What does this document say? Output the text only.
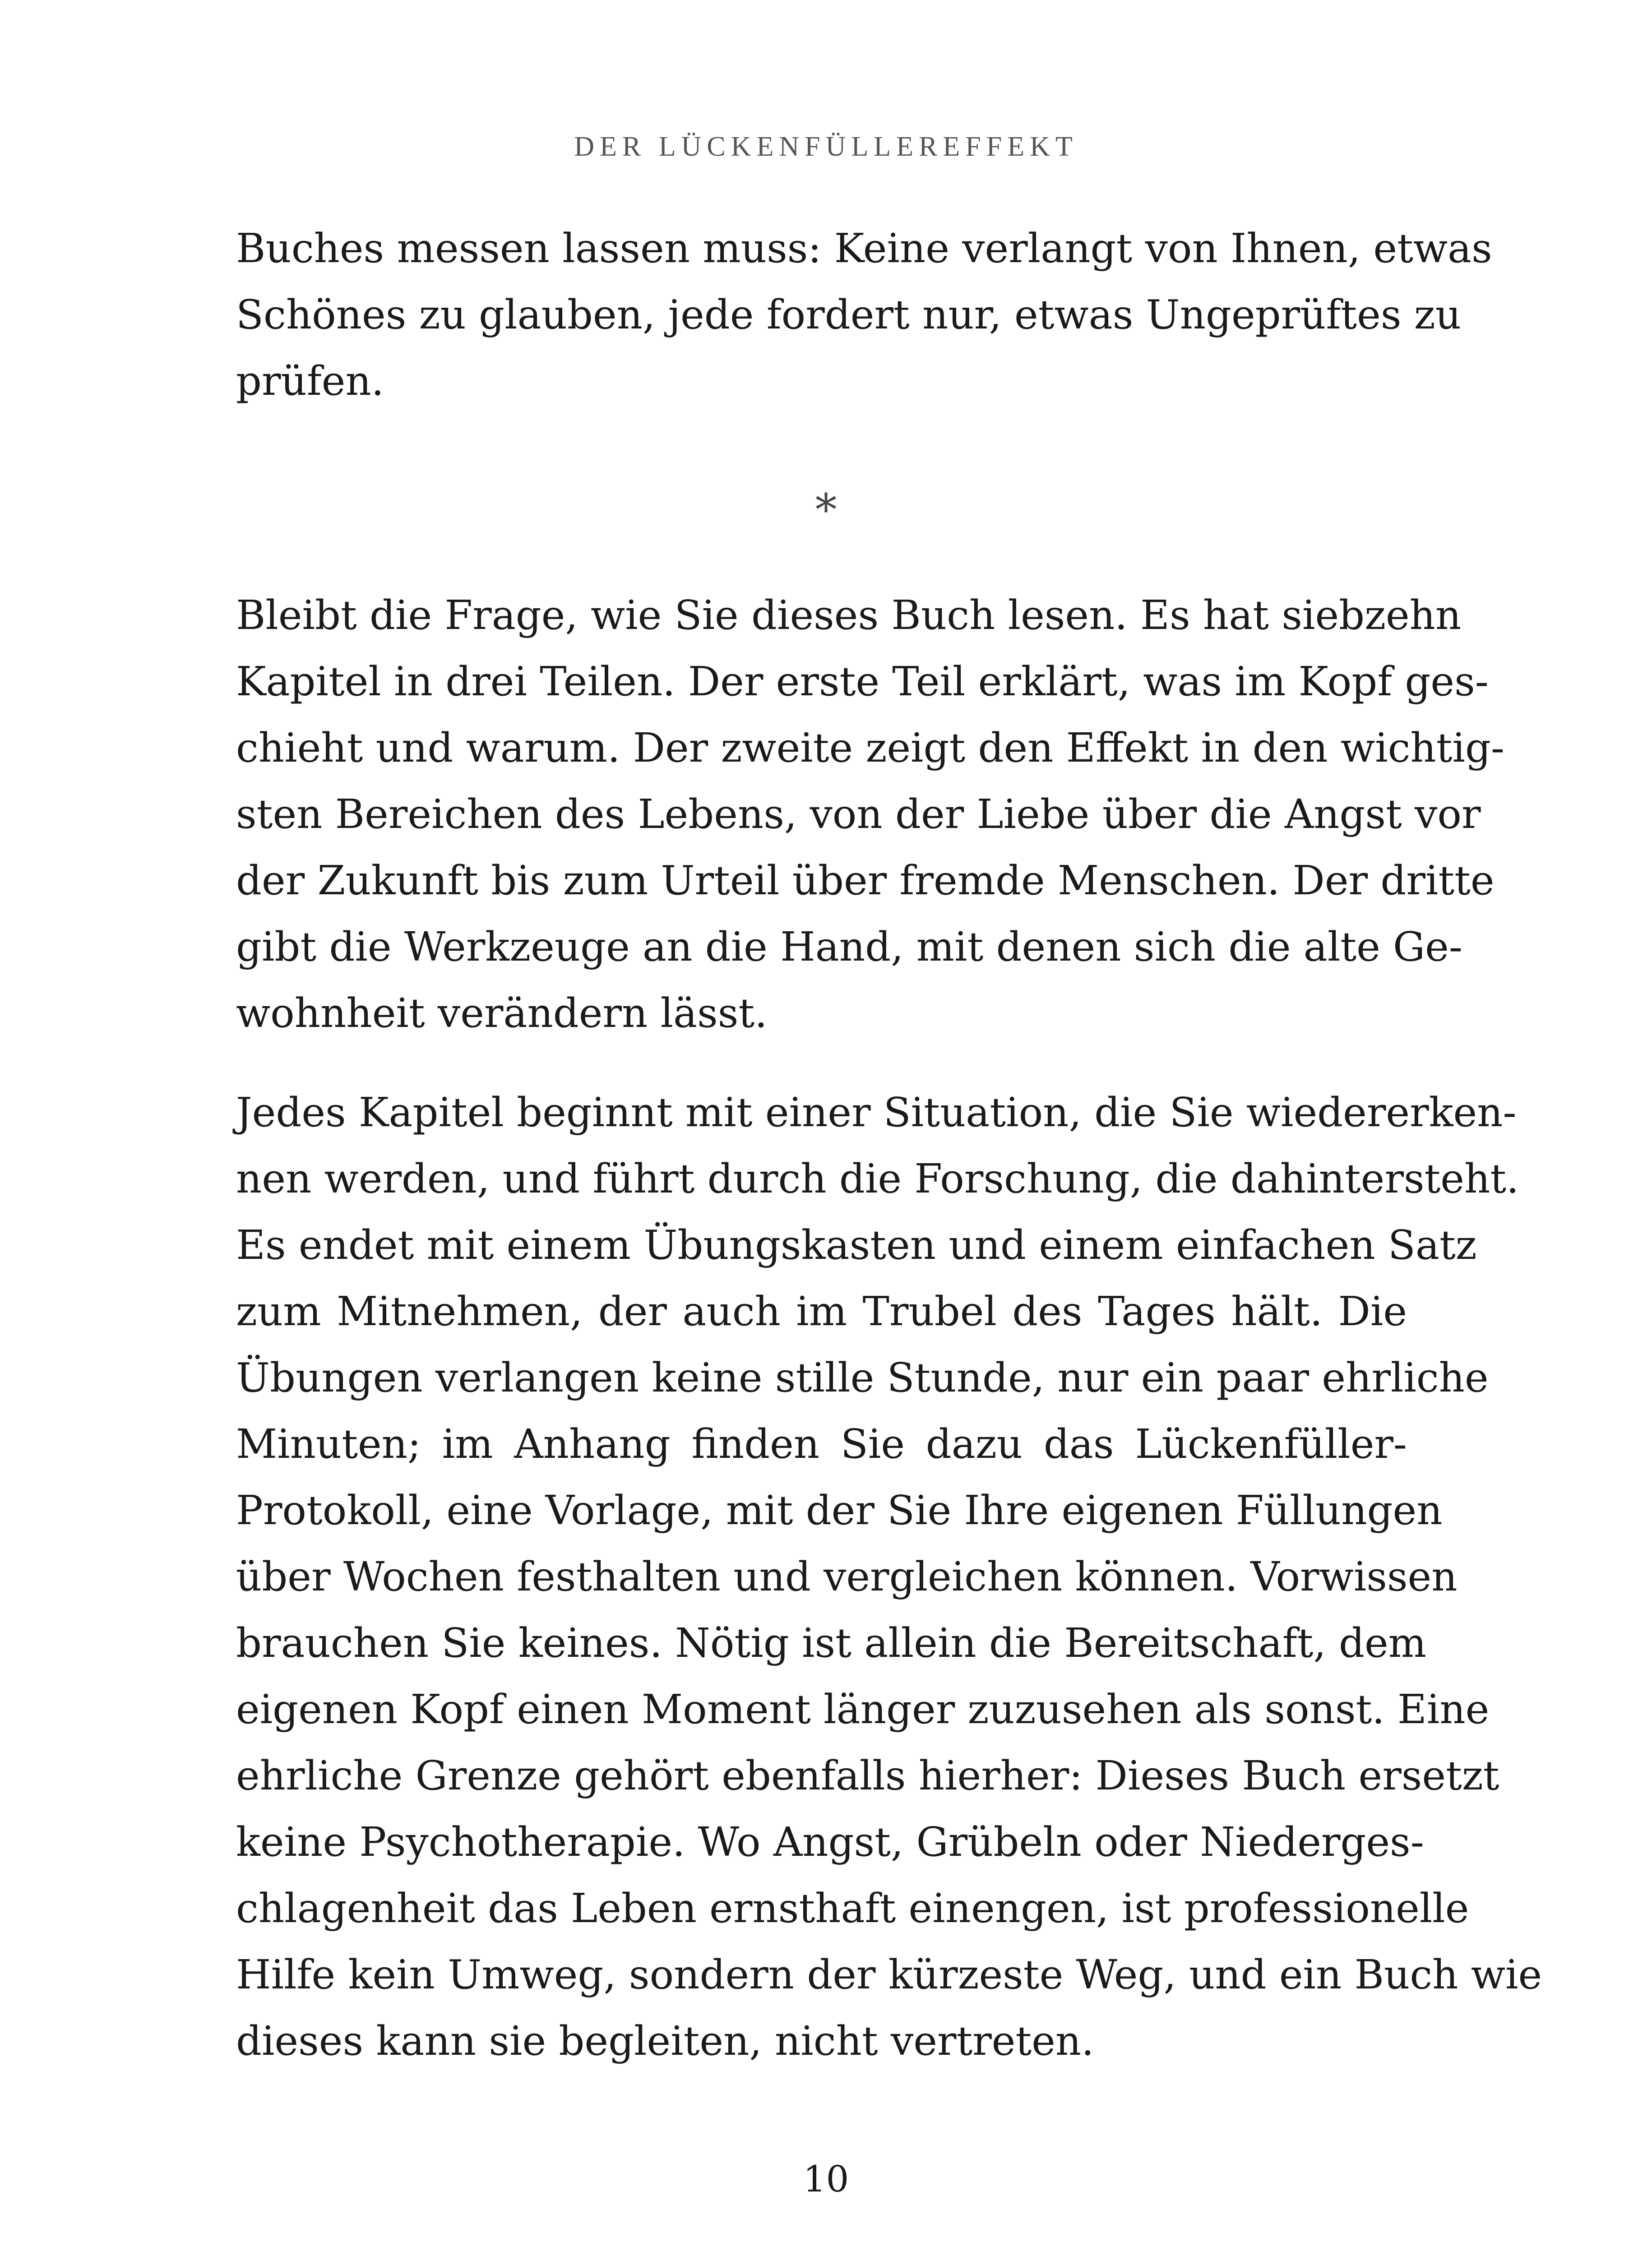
DER LÜCKENFÜLLEREFFEKT
Buches messen lassen muss: Keine verlangt von Ihnen, etwas
Schönes zu glauben, jede fordert nur, etwas Ungeprüftes zu
prüfen.
⁎
Bleibt die Frage, wie Sie dieses Buch lesen. Es hat siebzehn
Kapitel in drei Teilen. Der erste Teil erklärt, was im Kopf ges-
chieht und warum. Der zweite zeigt den Effekt in den wichtig-
sten Bereichen des Lebens, von der Liebe über die Angst vor
der Zukunft bis zum Urteil über fremde Menschen. Der dritte
gibt die Werkzeuge an die Hand, mit denen sich die alte Ge-
wohnheit verändern lässt.
Jedes Kapitel beginnt mit einer Situation, die Sie wiedererken-
nen werden, und führt durch die Forschung, die dahintersteht.
Es endet mit einem Übungskasten und einem einfachen Satz
zum Mitnehmen, der auch im Trubel des Tages hält. Die
Übungen verlangen keine stille Stunde, nur ein paar ehrliche
Minuten; im Anhang finden Sie dazu das Lückenfüller-
Protokoll, eine Vorlage, mit der Sie Ihre eigenen Füllungen
über Wochen festhalten und vergleichen können. Vorwissen
brauchen Sie keines. Nötig ist allein die Bereitschaft, dem
eigenen Kopf einen Moment länger zuzusehen als sonst. Eine
ehrliche Grenze gehört ebenfalls hierher: Dieses Buch ersetzt
keine Psychotherapie. Wo Angst, Grübeln oder Niederges-
chlagenheit das Leben ernsthaft einengen, ist professionelle
Hilfe kein Umweg, sondern der kürzeste Weg, und ein Buch wie
dieses kann sie begleiten, nicht vertreten.
10
